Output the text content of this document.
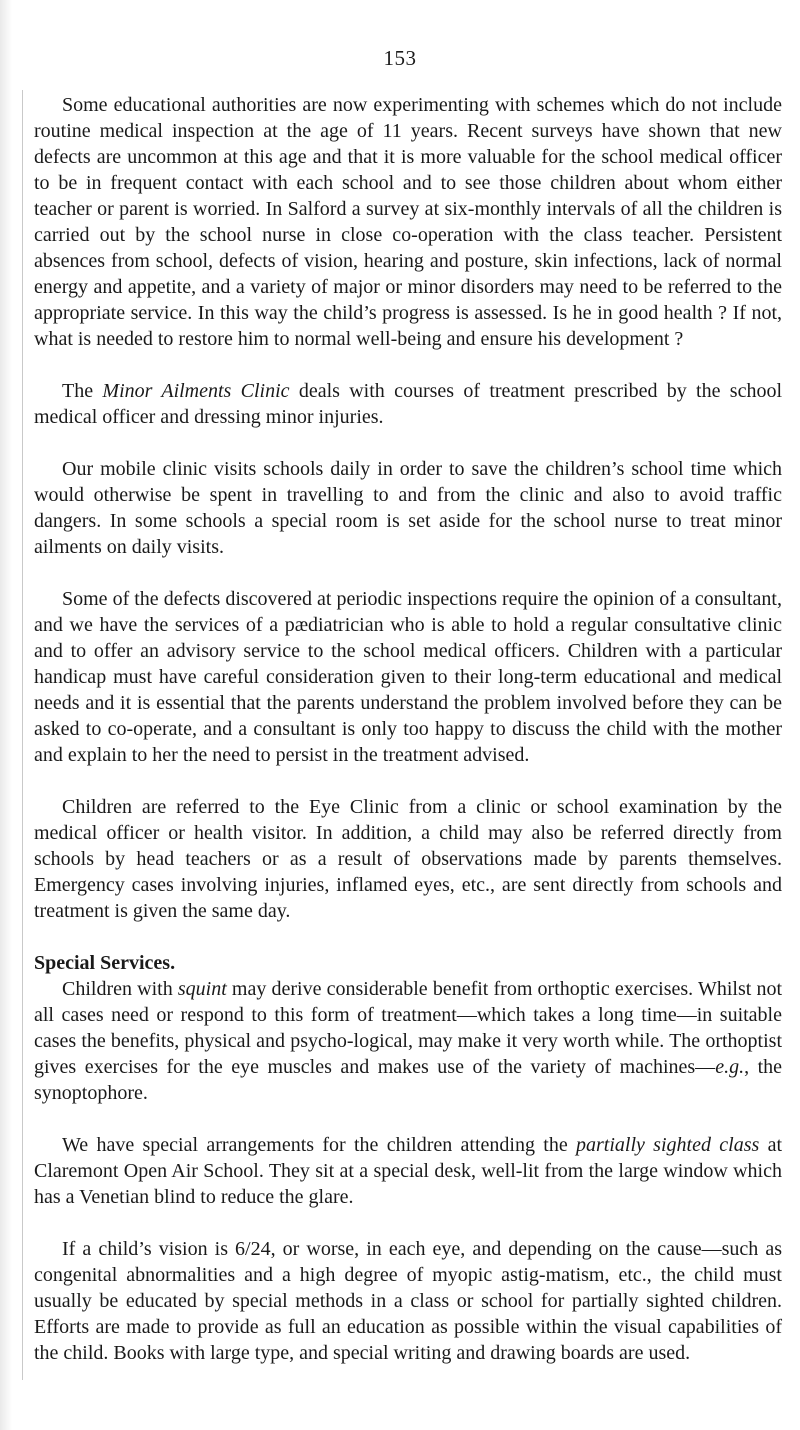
153

Some educational authorities are now experimenting with schemes which do not include routine medical inspection at the age of 11 years. Recent surveys have shown that new defects are uncommon at this age and that it is more valuable for the school medical officer to be in frequent contact with each school and to see those children about whom either teacher or parent is worried. In Salford a survey at six-monthly intervals of all the children is carried out by the school nurse in close co-operation with the class teacher. Persistent absences from school, defects of vision, hearing and posture, skin infections, lack of normal energy and appetite, and a variety of major or minor disorders may need to be referred to the appropriate service. In this way the child’s progress is assessed. Is he in good health ? If not, what is needed to restore him to normal well-being and ensure his development ?

The Minor Ailments Clinic deals with courses of treatment prescribed by the school medical officer and dressing minor injuries.

Our mobile clinic visits schools daily in order to save the children’s school time which would otherwise be spent in travelling to and from the clinic and also to avoid traffic dangers. In some schools a special room is set aside for the school nurse to treat minor ailments on daily visits.

Some of the defects discovered at periodic inspections require the opinion of a consultant, and we have the services of a pædiatrician who is able to hold a regular consultative clinic and to offer an advisory service to the school medical officers. Children with a particular handicap must have careful consideration given to their long-term educational and medical needs and it is essential that the parents understand the problem involved before they can be asked to co-operate, and a consultant is only too happy to discuss the child with the mother and explain to her the need to persist in the treatment advised.

Children are referred to the Eye Clinic from a clinic or school examination by the medical officer or health visitor. In addition, a child may also be referred directly from schools by head teachers or as a result of observations made by parents themselves. Emergency cases involving injuries, inflamed eyes, etc., are sent directly from schools and treatment is given the same day.

Special Services.

Children with squint may derive considerable benefit from orthoptic exercises. Whilst not all cases need or respond to this form of treatment—which takes a long time—in suitable cases the benefits, physical and psycho-logical, may make it very worth while. The orthoptist gives exercises for the eye muscles and makes use of the variety of machines—e.g., the synoptophore.

We have special arrangements for the children attending the partially sighted class at Claremont Open Air School. They sit at a special desk, well-lit from the large window which has a Venetian blind to reduce the glare.

If a child’s vision is 6/24, or worse, in each eye, and depending on the cause—such as congenital abnormalities and a high degree of myopic astig-matism, etc., the child must usually be educated by special methods in a class or school for partially sighted children. Efforts are made to provide as full an education as possible within the visual capabilities of the child. Books with large type, and special writing and drawing boards are used.
